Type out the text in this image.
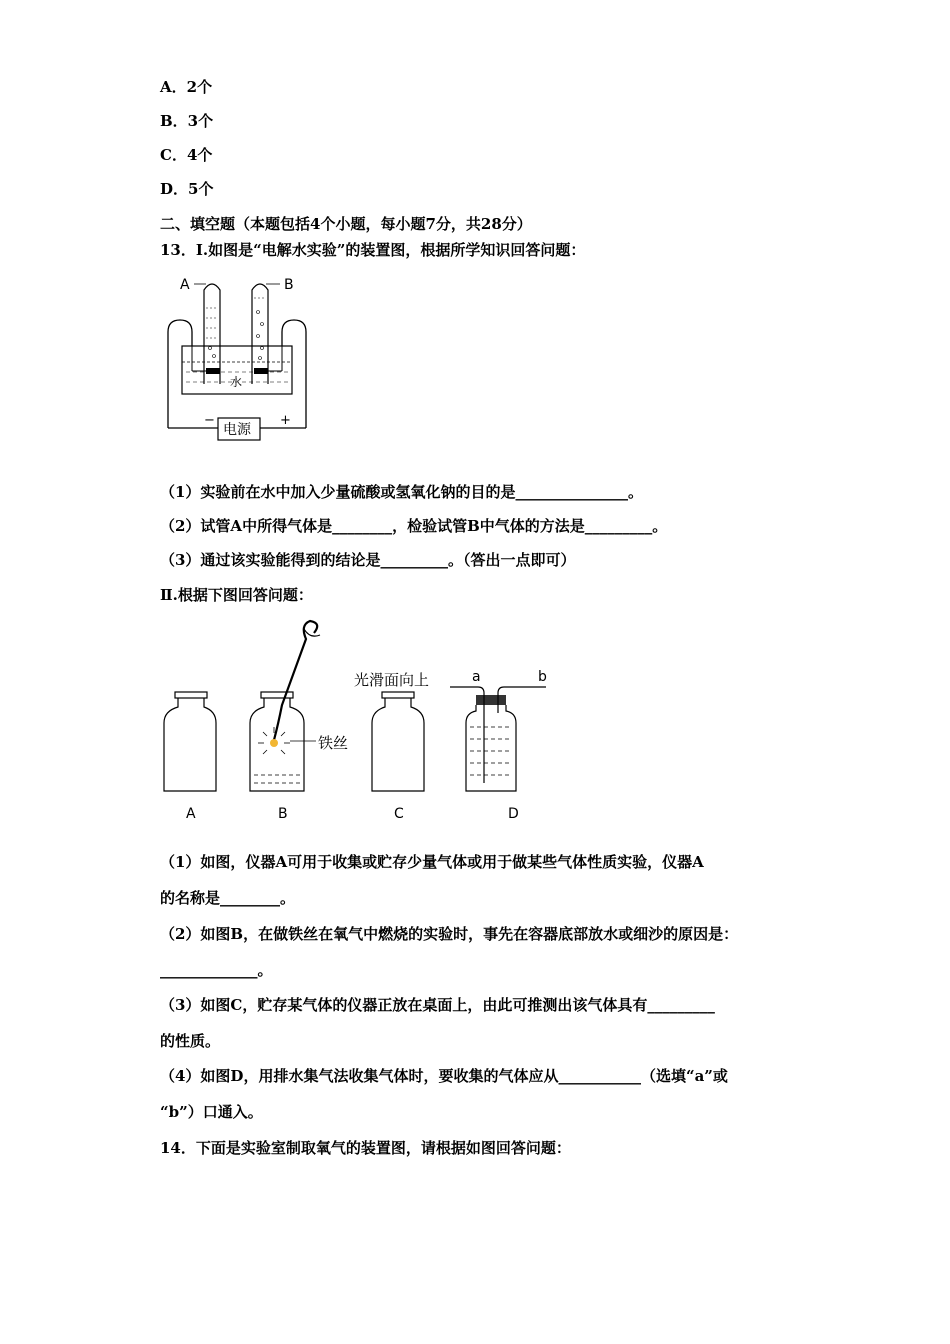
A．2个
B．3个
C．4个
D．5个
二、填空题（本题包括4个小题，每小题7分，共28分）
13．Ⅰ.如图是“电解水实验”的装置图，根据所学知识回答问题：
A	B
水
电源
−	+
（1）实验前在水中加入少量硫酸或氢氧化钠的目的是_______________。
（2）试管A中所得气体是________，检验试管B中气体的方法是_________。
（3）通过该实验能得到的结论是_________。（答出一点即可）
Ⅱ.根据下图回答问题：
A
铁丝
B
光滑面向上
C
a	b
D
（1）如图，仪器A可用于收集或贮存少量气体或用于做某些气体性质实验，仪器A
的名称是________。
（2）如图B，在做铁丝在氧气中燃烧的实验时，事先在容器底部放水或细沙的原因是：
_____________。
（3）如图C，贮存某气体的仪器正放在桌面上，由此可推测出该气体具有_________
的性质。
（4）如图D，用排水集气法收集气体时，要收集的气体应从___________（选填“a”或
“b”）口通入。
14．下面是实验室制取氧气的装置图，请根据如图回答问题：
